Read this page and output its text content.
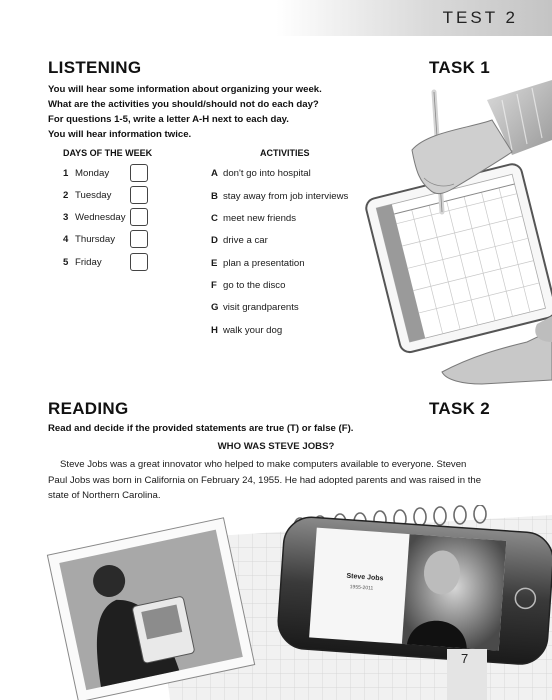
TEST 2
LISTENING	TASK 1
You will hear some information about organizing your week.
What are the activities you should/should not do each day?
For questions 1-5, write a letter A-H next to each day.
You will hear information twice.
DAYS OF THE WEEK	ACTIVITIES
1 Monday
2 Tuesday
3 Wednesday
4 Thursday
5 Friday
A don't go into hospital
B stay away from job interviews
C meet new friends
D drive a car
E plan a presentation
F go to the disco
G visit grandparents
H walk your dog
READING	TASK 2
Read and decide if the provided statements are true (T) or false (F).
WHO WAS STEVE JOBS?
Steve Jobs was a great innovator who helped to make computers available to everyone. Steven Paul Jobs was born in California on February 24, 1955. He had adopted parents and was raised in the state of Northern Carolina.
Steve Jobs
1955-2011
7
